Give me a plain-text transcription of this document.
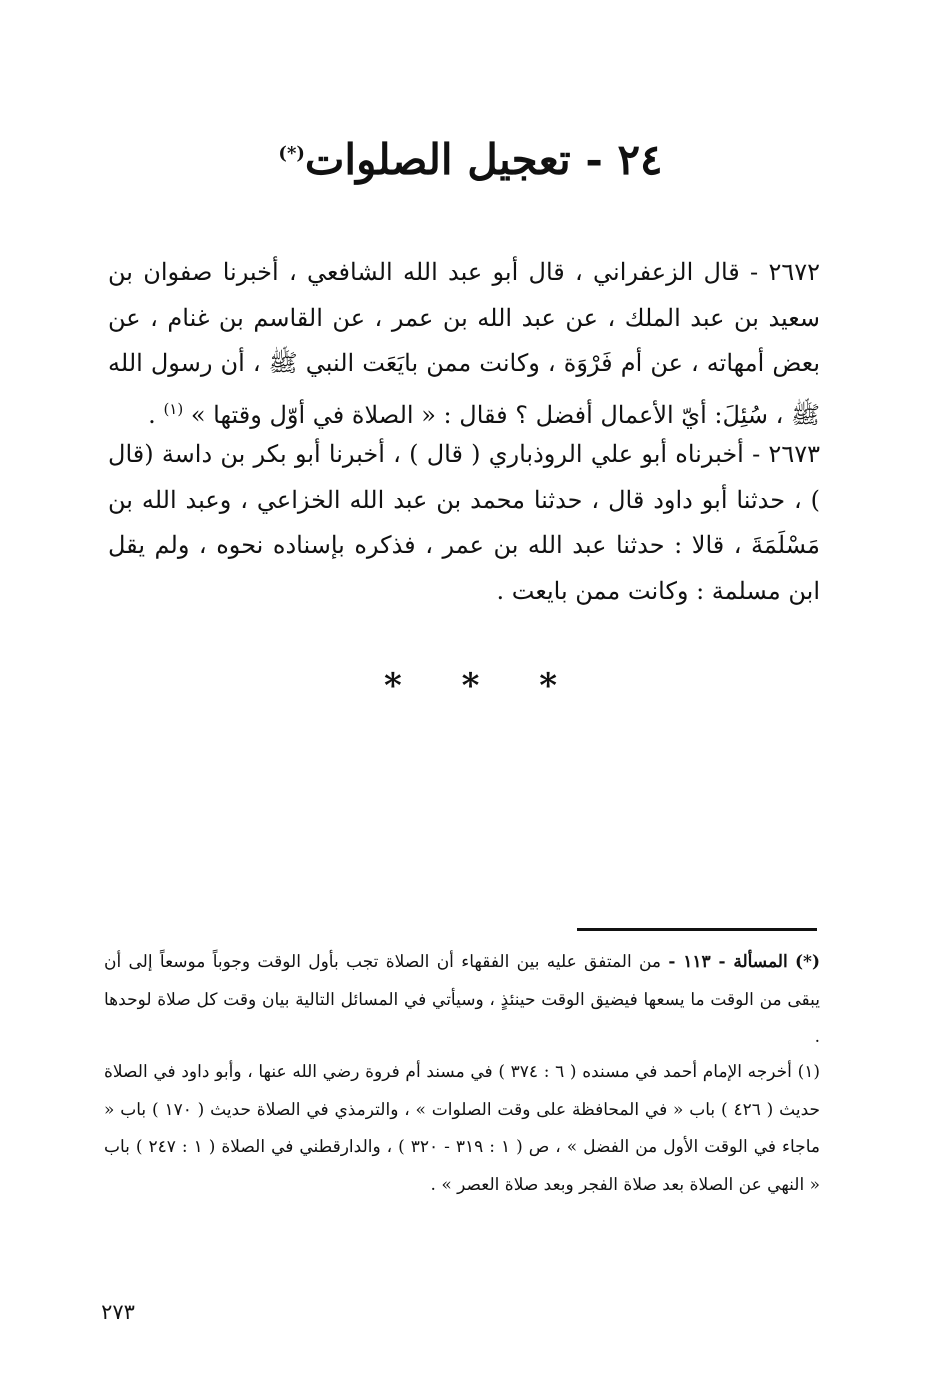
٢٤ - تعجيل الصلوات(*)

٢٦٧٢ - قال الزعفراني ، قال أبو عبد الله الشافعي ، أخبرنا صفوان بن سعيد بن عبد الملك ، عن عبد الله بن عمر ، عن القاسم بن غنام ، عن بعض أمهاته ، عن أم فَرْوَة ، وكانت ممن بايَعَت النبي ﷺ ، أن رسول الله ﷺ ، سُئِلَ: أيّ الأعمال أفضل ؟ فقال : « الصلاة في أوّل وقتها » $^{(١)}$ .

٢٦٧٣ - أخبرناه أبو علي الروذباري ( قال ) ، أخبرنا أبو بكر بن داسة (قال ) ، حدثنا أبو داود قال ، حدثنا محمد بن عبد الله الخزاعي ، وعبد الله بن مَسْلَمَةَ ، قالا : حدثنا عبد الله بن عمر ، فذكره بإسناده نحوه ، ولم يقل ابن مسلمة : وكانت ممن بايعت .

* * *

(*) المسألة - ١١٣ - من المتفق عليه بين الفقهاء أن الصلاة تجب بأول الوقت وجوباً موسعاً إلى أن يبقى من الوقت ما يسعها فيضيق الوقت حينئذٍ ، وسيأتي في المسائل التالية بيان وقت كل صلاة لوحدها .

(١) أخرجه الإمام أحمد في مسنده ( ٦ : ٣٧٤ ) في مسند أم فروة رضي الله عنها ، وأبو داود في الصلاة حديث ( ٤٢٦ ) باب « في المحافظة على وقت الصلوات » ، والترمذي في الصلاة حديث ( ١٧٠ ) باب « ماجاء في الوقت الأول من الفضل » ، ص ( ١ : ٣١٩ - ٣٢٠ ) ، والدارقطني في الصلاة ( ١ : ٢٤٧ ) باب « النهي عن الصلاة بعد صلاة الفجر وبعد صلاة العصر » .

٢٧٣
